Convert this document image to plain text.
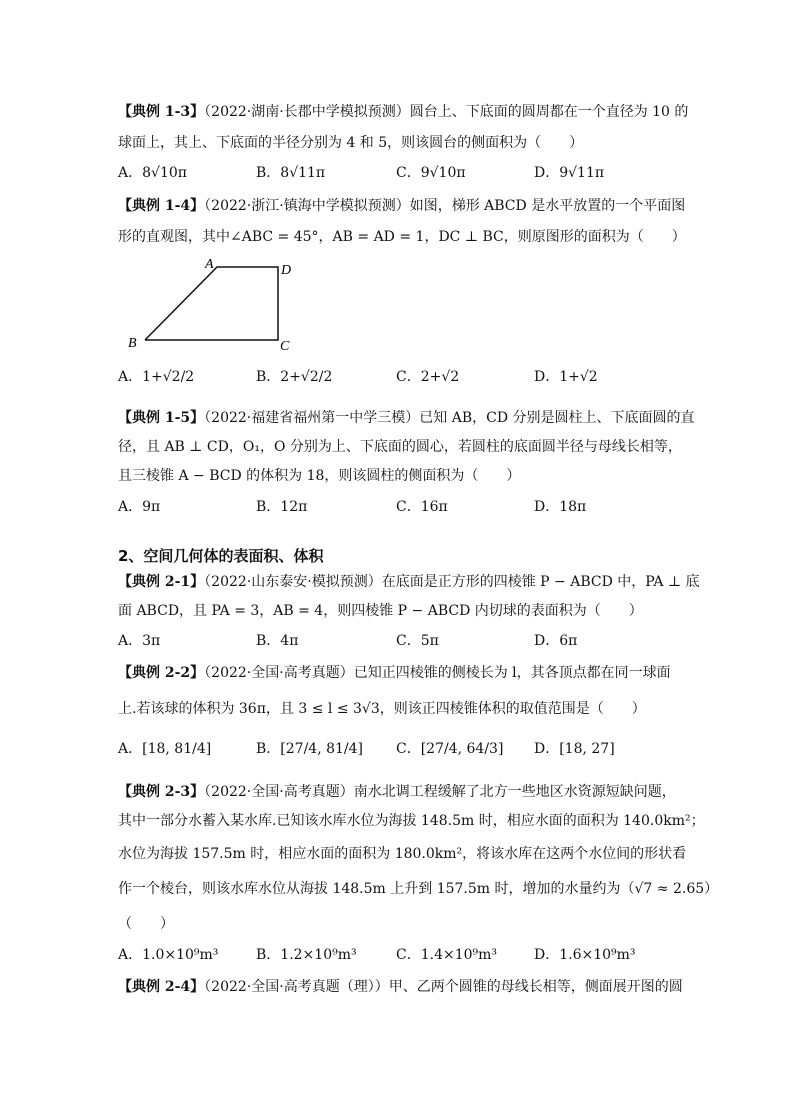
【典例 1-3】（2022·湖南·长郡中学模拟预测）圆台上、下底面的圆周都在一个直径为 10 的
球面上，其上、下底面的半径分别为 4 和 5，则该圆台的侧面积为（　　）
A．8√10π	B．8√11π	C．9√10π	D．9√11π
【典例 1-4】（2022·浙江·镇海中学模拟预测）如图，梯形 ABCD 是水平放置的一个平面图
形的直观图，其中∠ABC = 45°，AB = AD = 1，DC ⊥ BC，则原图形的面积为（　　）
A	D
B	C
A．1+√2/2	B．2+√2/2	C．2+√2	D．1+√2
【典例 1-5】（2022·福建省福州第一中学三模）已知 AB，CD 分别是圆柱上、下底面圆的直
径，且 AB ⊥ CD，O₁，O 分别为上、下底面的圆心，若圆柱的底面圆半径与母线长相等，
且三棱锥 A − BCD 的体积为 18，则该圆柱的侧面积为（　　）
A．9π	B．12π	C．16π	D．18π
2、空间几何体的表面积、体积
【典例 2-1】（2022·山东泰安·模拟预测）在底面是正方形的四棱锥 P − ABCD 中，PA ⊥ 底
面 ABCD，且 PA = 3，AB = 4，则四棱锥 P − ABCD 内切球的表面积为（　　）
A．3π	B．4π	C．5π	D．6π
【典例 2-2】（2022·全国·高考真题）已知正四棱锥的侧棱长为 l，其各顶点都在同一球面
上.若该球的体积为 36π，且 3 ≤ l ≤ 3√3，则该正四棱锥体积的取值范围是（　　）
A．[18, 81/4]	B．[27/4, 81/4] C．[27/4, 64/3] D．[18, 27]
【典例 2-3】（2022·全国·高考真题）南水北调工程缓解了北方一些地区水资源短缺问题，
其中一部分水蓄入某水库.已知该水库水位为海拔 148.5m 时，相应水面的面积为 140.0km²；
水位为海拔 157.5m 时，相应水面的面积为 180.0km²，将该水库在这两个水位间的形状看
作一个棱台，则该水库水位从海拔 148.5m 上升到 157.5m 时，增加的水量约为（√7 ≈ 2.65）
（　　）
A．1.0×10⁹m³	B．1.2×10⁹m³	C．1.4×10⁹m³	D．1.6×10⁹m³
【典例 2-4】（2022·全国·高考真题（理））甲、乙两个圆锥的母线长相等，侧面展开图的圆
